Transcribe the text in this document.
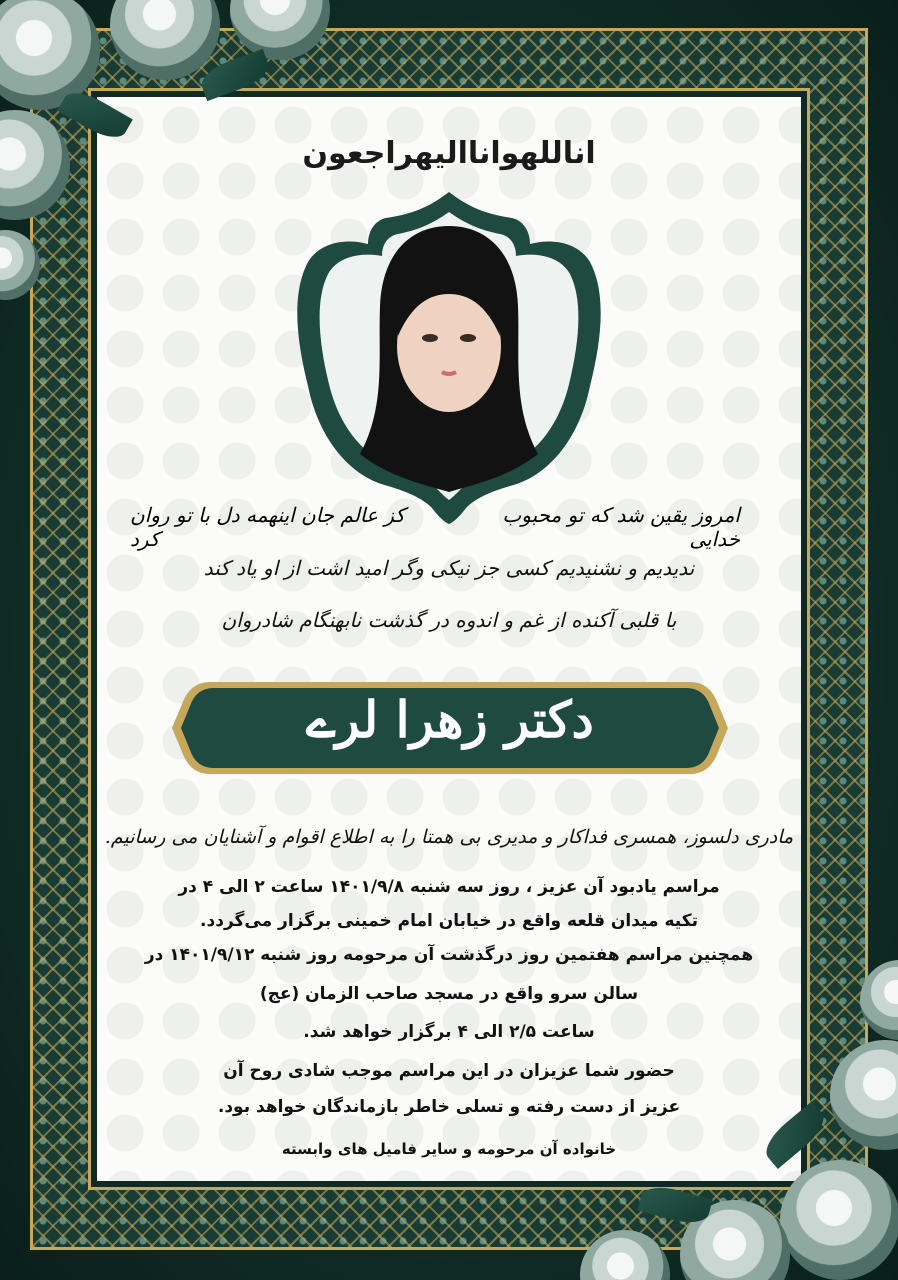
اناللهوانااليهراجعون
امروز یقین شد که تو محبوب خدایی
کز عالم جان اینهمه دل با تو روان کرد
ندیدیم و نشنیدیم کسی جز نیکی وگر امید اشت از او یاد کند
با قلبی آکنده از غم و اندوه در گذشت نابهنگام شادروان
دکتر زهرا لرے
مادری دلسوز، همسری فداکار و مدیری بی همتا را به اطلاع اقوام و آشنایان می رسانیم.
مراسم یادبود آن عزیز ، روز سه شنبه ۱۴۰۱/۹/۸ ساعت ۲ الی ۴ در
تکیه میدان قلعه واقع در خیابان امام خمینی برگزار می‌گردد.
همچنین مراسم هفتمین روز درگذشت آن مرحومه روز شنبه ۱۴۰۱/۹/۱۲ در
سالن سرو واقع در مسجد صاحب الزمان (عج)
ساعت ۲/۵ الی ۴ برگزار خواهد شد.
حضور شما عزیزان در این مراسم موجب شادی روح آن
عزیز از دست رفته و تسلی خاطر بازماندگان خواهد بود.
خانواده آن مرحومه و سایر فامیل های وابسته
